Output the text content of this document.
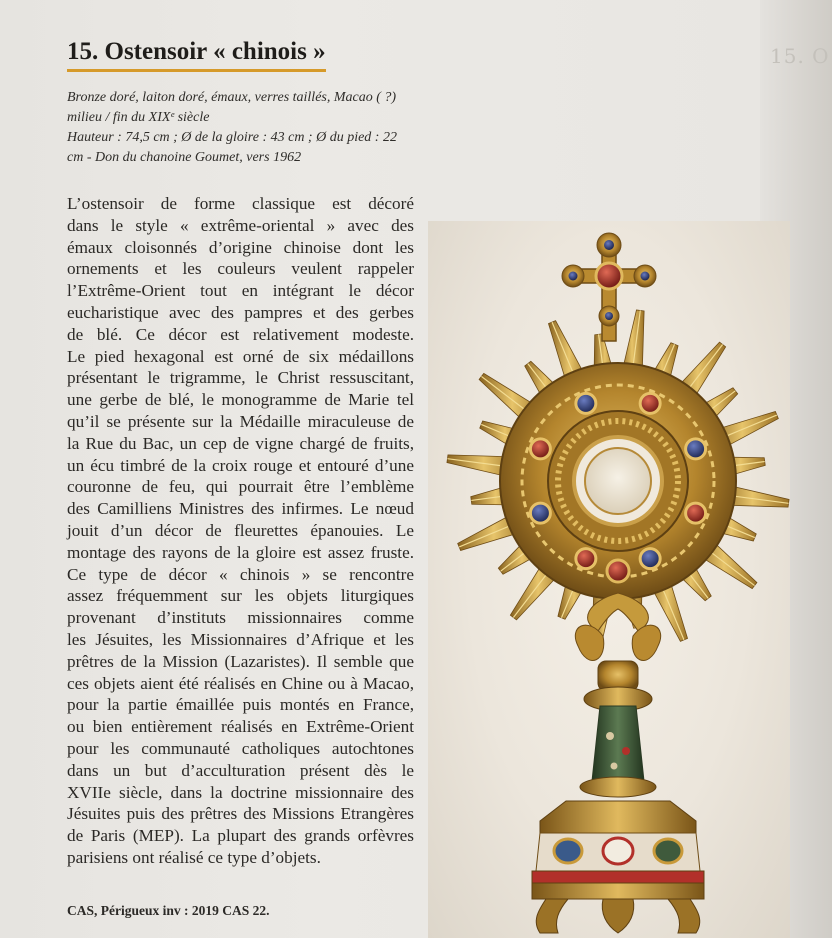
15. O
15. Ostensoir « chinois »
Bronze doré, laiton doré, émaux, verres taillés, Macao ( ?)
milieu / fin du XIXᵉ siècle
Hauteur : 74,5 cm ; Ø de la gloire : 43 cm ; Ø du pied : 22
cm - Don du chanoine Goumet, vers 1962
L’ostensoir de forme classique est décoré
dans le style « extrême-oriental » avec des
émaux cloisonnés d’origine chinoise dont les
ornements et les couleurs veulent rappeler
l’Extrême-Orient tout en intégrant le décor
eucharistique avec des pampres et des gerbes
de blé. Ce décor est relativement modeste.
Le pied hexagonal est orné de six médaillons
présentant le trigramme, le Christ ressuscitant,
une gerbe de blé, le monogramme de Marie tel
qu’il se présente sur la Médaille miraculeuse de
la Rue du Bac, un cep de vigne chargé de fruits,
un écu timbré de la croix rouge et entouré d’une
couronne de feu, qui pourrait être l’emblème
des Camilliens Ministres des infirmes. Le nœud
jouit d’un décor de fleurettes épanouies. Le
montage des rayons de la gloire est assez fruste.
Ce type de décor « chinois » se rencontre
assez fréquemment sur les objets liturgiques
provenant d’instituts missionnaires comme
les Jésuites, les Missionnaires d’Afrique et les
prêtres de la Mission (Lazaristes). Il semble que
ces objets aient été réalisés en Chine ou à Macao,
pour la partie émaillée puis montés en France,
ou bien entièrement réalisés en Extrême-Orient
pour les communauté catholiques autochtones
dans un but d’acculturation présent dès le
XVIIe siècle, dans la doctrine missionnaire des
Jésuites puis des prêtres des Missions Etrangères
de Paris (MEP). La plupart des grands orfèvres
parisiens ont réalisé ce type d’objets.
CAS, Périgueux inv : 2019 CAS 22.
